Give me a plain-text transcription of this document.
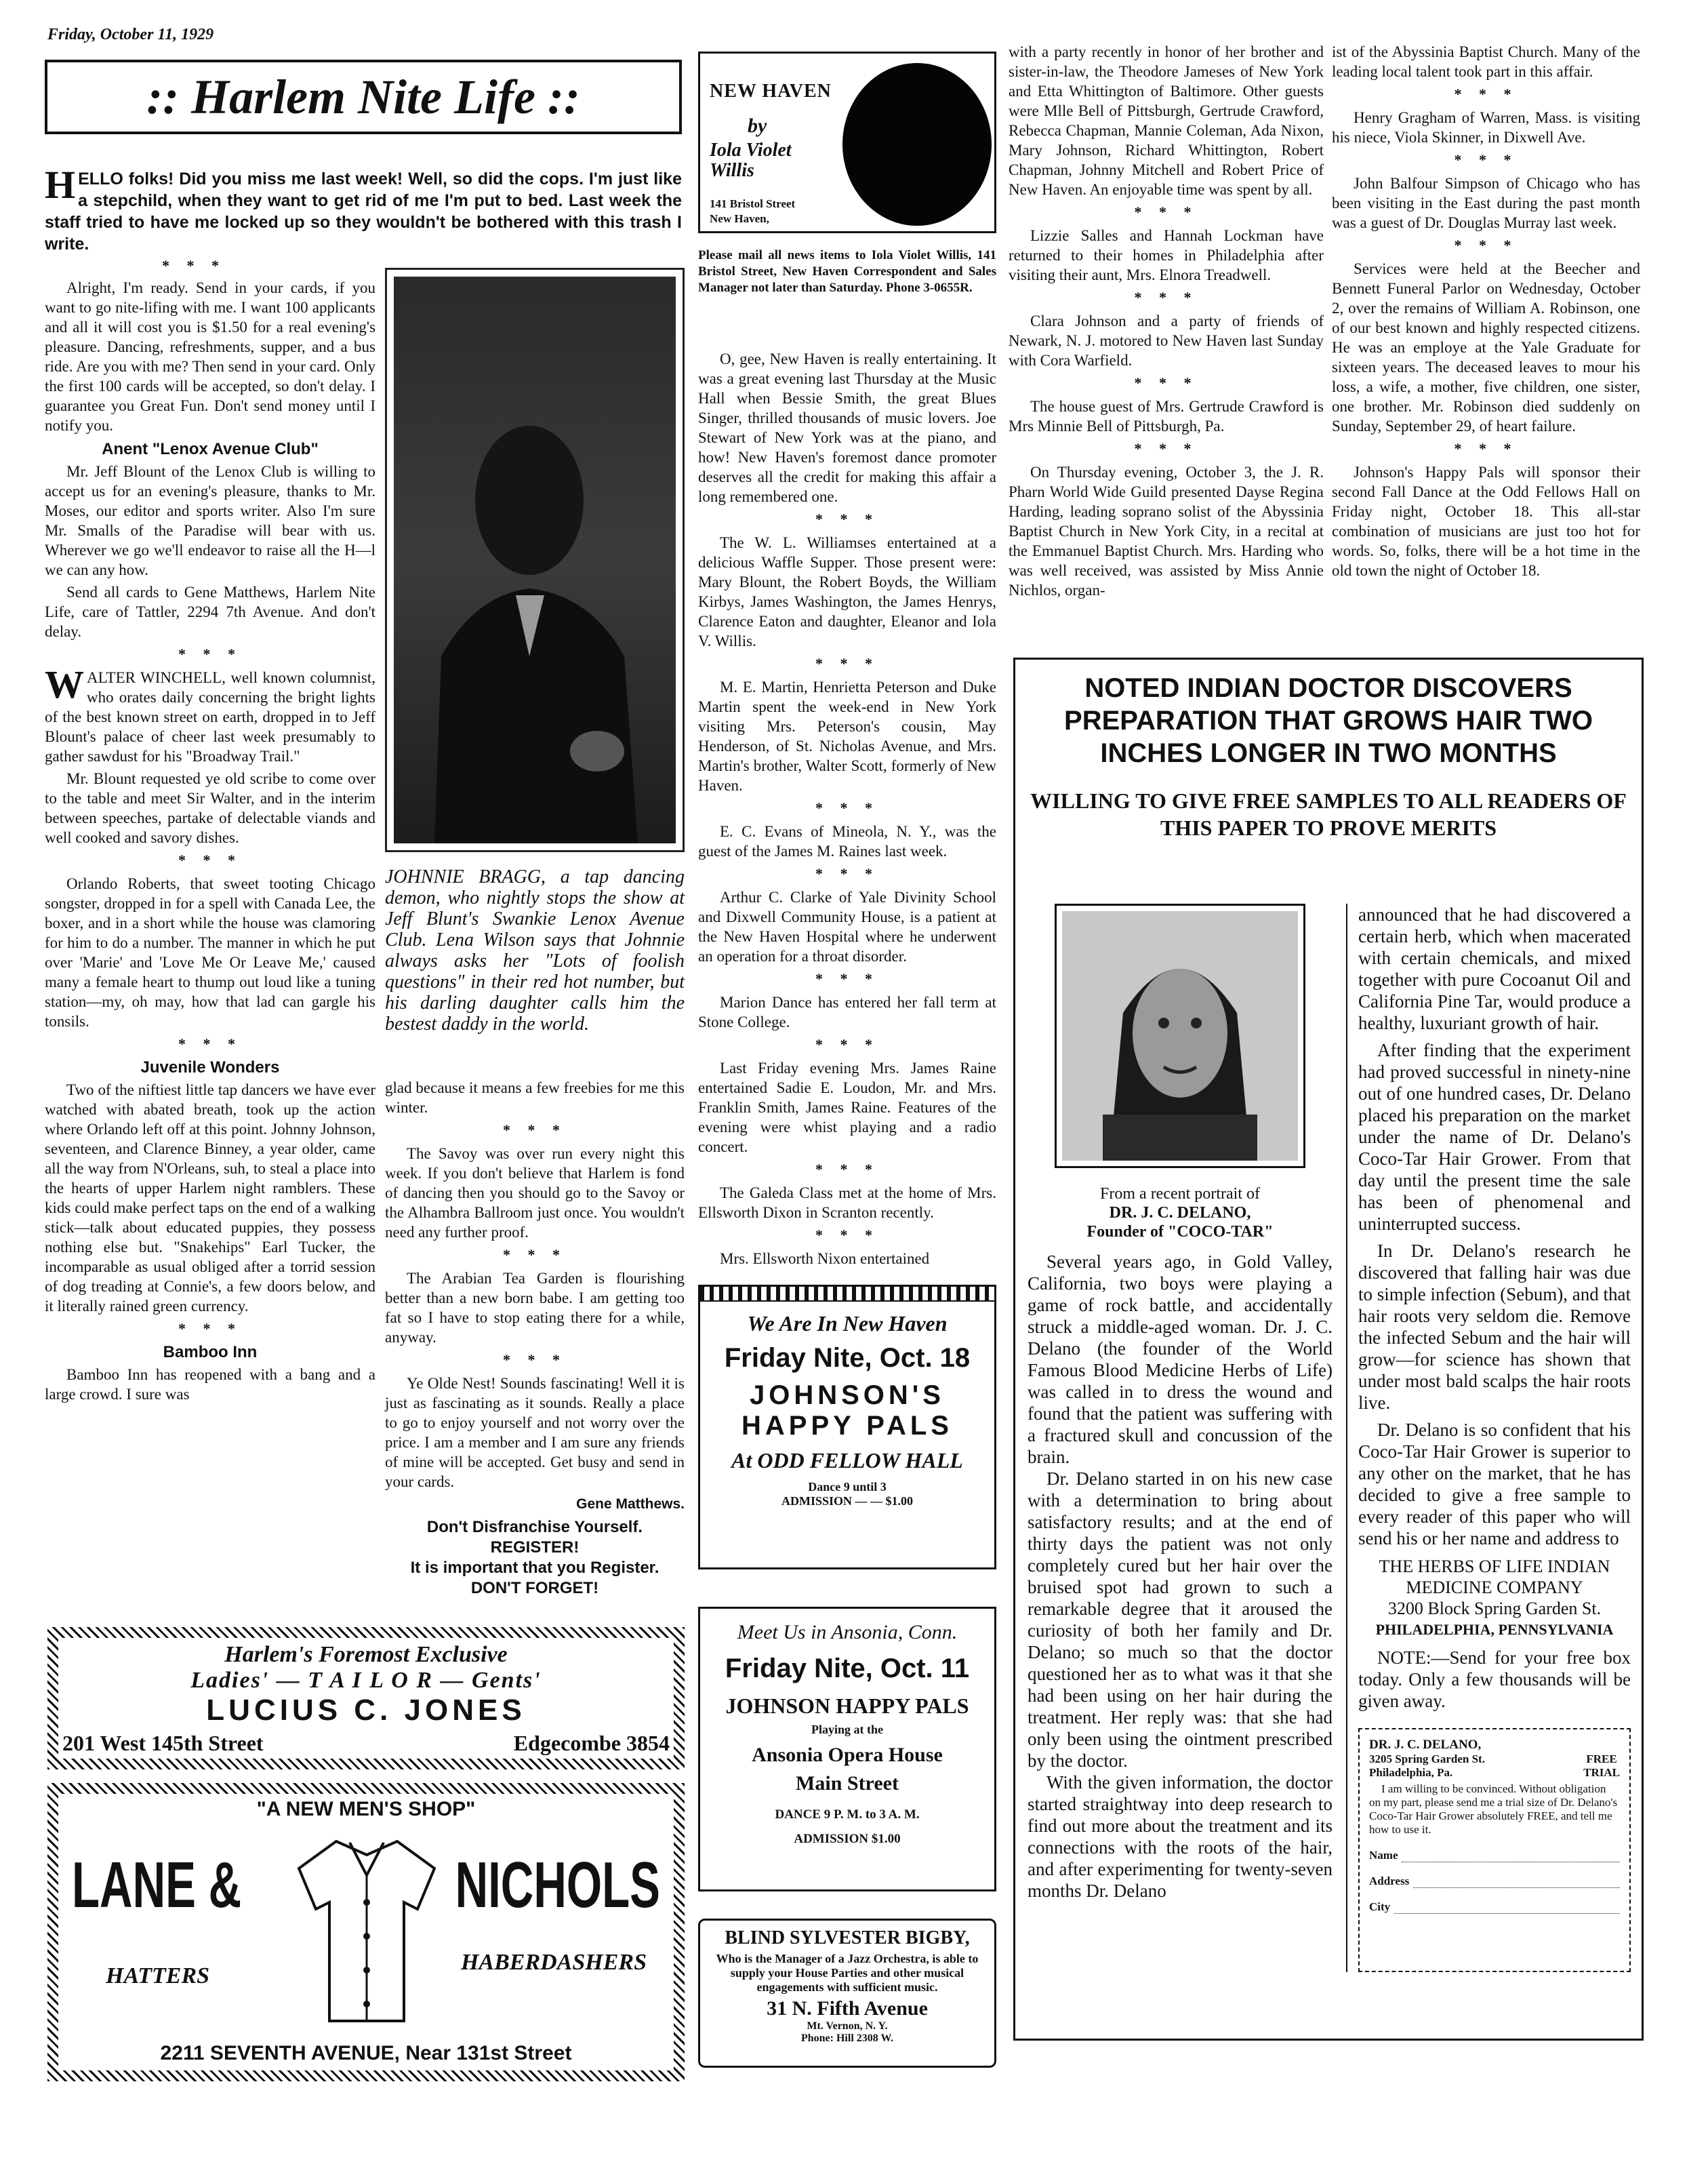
Friday, October 11, 1929
:: Harlem Nite Life ::
HELLO folks! Did you miss me last week! Well, so did the cops. I'm just like a stepchild, when they want to get rid of me I'm put to bed. Last week the staff tried to have me locked up so they wouldn't be bothered with this trash I write.
* * *

Alright, I'm ready. Send in your cards, if you want to go nite-lifing with me. I want 100 applicants and all it will cost you is $1.50 for a real evening's pleasure. Dancing, refreshments, supper, and a bus ride. Are you with me? Then send in your card. Only the first 100 cards will be accepted, so don't delay. I guarantee you Great Fun. Don't send money until I notify you.

Anent "Lenox Avenue Club"

Mr. Jeff Blount of the Lenox Club is willing to accept us for an evening's pleasure, thanks to Mr. Moses, our editor and sports writer. Also I'm sure Mr. Smalls of the Paradise will bear with us. Wherever we go we'll endeavor to raise all the H—l we can any how.

Send all cards to Gene Matthews, Harlem Nite Life, care of Tattler, 2294 7th Avenue. And don't delay.

* * *

WALTER WINCHELL, well known columnist, who orates daily concerning the bright lights of the best known street on earth, dropped in to Jeff Blount's palace of cheer last week presumably to gather sawdust for his "Broadway Trail."

Mr. Blount requested ye old scribe to come over to the table and meet Sir Walter, and in the interim between speeches, partake of delectable viands and well cooked and savory dishes.

* * *

Orlando Roberts, that sweet tooting Chicago songster, dropped in for a spell with Canada Lee, the boxer, and in a short while the house was clamoring for him to do a number. The manner in which he put over 'Marie' and 'Love Me Or Leave Me,' caused many a female heart to thump out loud like a tuning station—my, oh may, how that lad can gargle his tonsils.

* * *
Juvenile Wonders

Two of the niftiest little tap dancers we have ever watched with abated breath, took up the action where Orlando left off at this point. Johnny Johnson, seventeen, and Clarence Binney, a year older, came all the way from N'Orleans, suh, to steal a place into the hearts of upper Harlem night ramblers. These kids could make perfect taps on the end of a walking stick—talk about educated puppies, they possess nothing else but. "Snakehips" Earl Tucker, the incomparable as usual obliged after a torrid session of dog treading at Connie's, a few doors below, and it literally rained green currency.

* * *
Bamboo Inn

Bamboo Inn has reopened with a bang and a large crowd. I sure was

JOHNNIE BRAGG, a tap dancing demon, who nightly stops the show at Jeff Blunt's Swankie Lenox Avenue Club. Lena Wilson says that Johnnie always asks her "Lots of foolish questions" in their red hot number, but his darling daughter calls him the bestest daddy in the world.

glad because it means a few freebies for me this winter.

* * *

The Savoy was over run every night this week. If you don't believe that Harlem is fond of dancing then you should go to the Savoy or the Alhambra Ballroom just once. You wouldn't need any further proof.

* * *

The Arabian Tea Garden is flourishing better than a new born babe. I am getting too fat so I have to stop eating there for a while, anyway.

* * *

Ye Olde Nest! Sounds fascinating! Well it is just as fascinating as it sounds. Really a place to go to enjoy yourself and not worry over the price. I am a member and I am sure any friends of mine will be accepted. Get busy and send in your cards.

Gene Matthews.
Don't Disfranchise Yourself.
REGISTER!
It is important that you Register.
DON'T FORGET!
Harlem's Foremost Exclusive
Ladies' — T A I L O R — Gents'
LUCIUS C. JONES
201 West 145th Street	Edgecombe 3854
"A NEW MEN'S SHOP"
LANE &	NICHOLS
HATTERS
HABERDASHERS
2211 SEVENTH AVENUE, Near 131st Street
NEW HAVEN
by
Iola Violet Willis
141 Bristol Street
New Haven,
Please mail all news items to Iola Violet Willis, 141 Bristol Street, New Haven Correspondent and Sales Manager not later than Saturday. Phone 3-0655R.

O, gee, New Haven is really entertaining. It was a great evening last Thursday at the Music Hall when Bessie Smith, the great Blues Singer, thrilled thousands of music lovers. Joe Stewart of New York was at the piano, and how! New Haven's foremost dance promoter deserves all the credit for making this affair a long remembered one.

* * *

The W. L. Williamses entertained at a delicious Waffle Supper. Those present were: Mary Blount, the Robert Boyds, the William Kirbys, James Washington, the James Henrys, Clarence Eaton and daughter, Eleanor and Iola V. Willis.

* * *

M. E. Martin, Henrietta Peterson and Duke Martin spent the week-end in New York visiting Mrs. Peterson's cousin, May Henderson, of St. Nicholas Avenue, and Mrs. Martin's brother, Walter Scott, formerly of New Haven.

* * *

E. C. Evans of Mineola, N. Y., was the guest of the James M. Raines last week.

* * *

Arthur C. Clarke of Yale Divinity School and Dixwell Community House, is a patient at the New Haven Hospital where he underwent an operation for a throat disorder.

* * *

Marion Dance has entered her fall term at Stone College.

* * *

Last Friday evening Mrs. James Raine entertained Sadie E. Loudon, Mr. and Mrs. Franklin Smith, James Raine. Features of the evening were whist playing and a radio concert.

* * *

The Galeda Class met at the home of Mrs. Ellsworth Dixon in Scranton recently.

* * *

Mrs. Ellsworth Nixon entertained

We Are In New Haven
Friday Nite, Oct. 18
JOHNSON'S
HAPPY PALS
At ODD FELLOW HALL
Dance 9 until 3
ADMISSION — — $1.00
Meet Us in Ansonia, Conn.
Friday Nite, Oct. 11
JOHNSON HAPPY PALS
Playing at the
Ansonia Opera House
Main Street
DANCE 9 P. M. to 3 A. M.
ADMISSION $1.00
BLIND SYLVESTER BIGBY,
Who is the Manager of a Jazz Orchestra, is able to supply your House Parties and other musical engagements with sufficient music.
31 N. Fifth Avenue
Mt. Vernon, N. Y.
Phone: Hill 2308 W.

with a party recently in honor of her brother and sister-in-law, the Theodore Jameses of New York and Etta Whittington of Baltimore. Other guests were Mlle Bell of Pittsburgh, Gertrude Crawford, Rebecca Chapman, Mannie Coleman, Ada Nixon, Mary Johnson, Richard Whittington, Robert Chapman, Johnny Mitchell and Robert Price of New Haven. An enjoyable time was spent by all.

* * *

Lizzie Salles and Hannah Lockman have returned to their homes in Philadelphia after visiting their aunt, Mrs. Elnora Treadwell.

* * *

Clara Johnson and a party of friends of Newark, N. J. motored to New Haven last Sunday with Cora Warfield.

* * *

The house guest of Mrs. Gertrude Crawford is Mrs Minnie Bell of Pittsburgh, Pa.

* * *

On Thursday evening, October 3, the J. R. Pharn World Wide Guild presented Dayse Regina Harding, leading soprano solist of the Abyssinia Baptist Church in New York City, in a recital at the Emmanuel Baptist Church. Mrs. Harding who was well received, was assisted by Miss Annie Nichlos, organ-

ist of the Abyssinia Baptist Church. Many of the leading local talent took part in this affair.

* * *

Henry Gragham of Warren, Mass. is visiting his niece, Viola Skinner, in Dixwell Ave.

* * *

John Balfour Simpson of Chicago who has been visiting in the East during the past month was a guest of Dr. Douglas Murray last week.

* * *

Services were held at the Beecher and Bennett Funeral Parlor on Wednesday, October 2, over the remains of William A. Robinson, one of our best known and highly respected citizens. He was an employe at the Yale Graduate for sixteen years. The deceased leaves to mour his loss, a wife, a mother, five children, one sister, one brother. Mr. Robinson died suddenly on Sunday, September 29, of heart failure.

* * *

Johnson's Happy Pals will sponsor their second Fall Dance at the Odd Fellows Hall on Friday night, October 18. This all-star combination of musicians are just too hot for words. So, folks, there will be a hot time in the old town the night of October 18.

NOTED INDIAN DOCTOR DISCOVERS PREPARATION THAT GROWS HAIR TWO INCHES LONGER IN TWO MONTHS
WILLING TO GIVE FREE SAMPLES TO ALL READERS OF THIS PAPER TO PROVE MERITS
From a recent portrait of
DR. J. C. DELANO,
Founder of "COCO-TAR"

Several years ago, in Gold Valley, California, two boys were playing a game of rock battle, and accidentally struck a middle-aged woman. Dr. J. C. Delano (the founder of the World Famous Blood Medicine Herbs of Life) was called in to dress the wound and found that the patient was suffering with a fractured skull and concussion of the brain.

Dr. Delano started in on his new case with a determination to bring about satisfactory results; and at the end of thirty days the patient was not only completely cured but her hair over the bruised spot had grown to such a remarkable degree that it aroused the curiosity of both her family and Dr. Delano; so much so that the doctor questioned her as to what was it that she had been using on her hair during the treatment. Her reply was: that she had only been using the ointment prescribed by the doctor.

With the given information, the doctor started straightway into deep research to find out more about the treatment and its connections with the roots of the hair, and after experimenting for twenty-seven months Dr. Delano

announced that he had discovered a certain herb, which when macerated with certain chemicals, and mixed together with pure Cocoanut Oil and California Pine Tar, would produce a healthy, luxuriant growth of hair.

After finding that the experiment had proved successful in ninety-nine out of one hundred cases, Dr. Delano placed his preparation on the market under the name of Dr. Delano's Coco-Tar Hair Grower. From that day until the present time the sale has been of phenomenal and uninterrupted success.

In Dr. Delano's research he discovered that falling hair was due to simple infection (Sebum), and that hair roots very seldom die. Remove the infected Sebum and the hair will grow—for science has shown that under most bald scalps the hair roots live.

Dr. Delano is so confident that his Coco-Tar Hair Grower is superior to any other on the market, that he has decided to give a free sample to every reader of this paper who will send his or her name and address to

THE HERBS OF LIFE INDIAN
MEDICINE COMPANY
3200 Block Spring Garden St.
PHILADELPHIA, PENNSYLVANIA
NOTE:—Send for your free box today. Only a few thousands will be given away.
DR. J. C. DELANO,
3205 Spring Garden St. Philadelphia, Pa.
FREE
TRIAL
I am willing to be convinced. Without obligation on my part, please send me a trial size of Dr. Delano's Coco-Tar Hair Grower absolutely FREE, and tell me how to use it.
Name
Address
City
